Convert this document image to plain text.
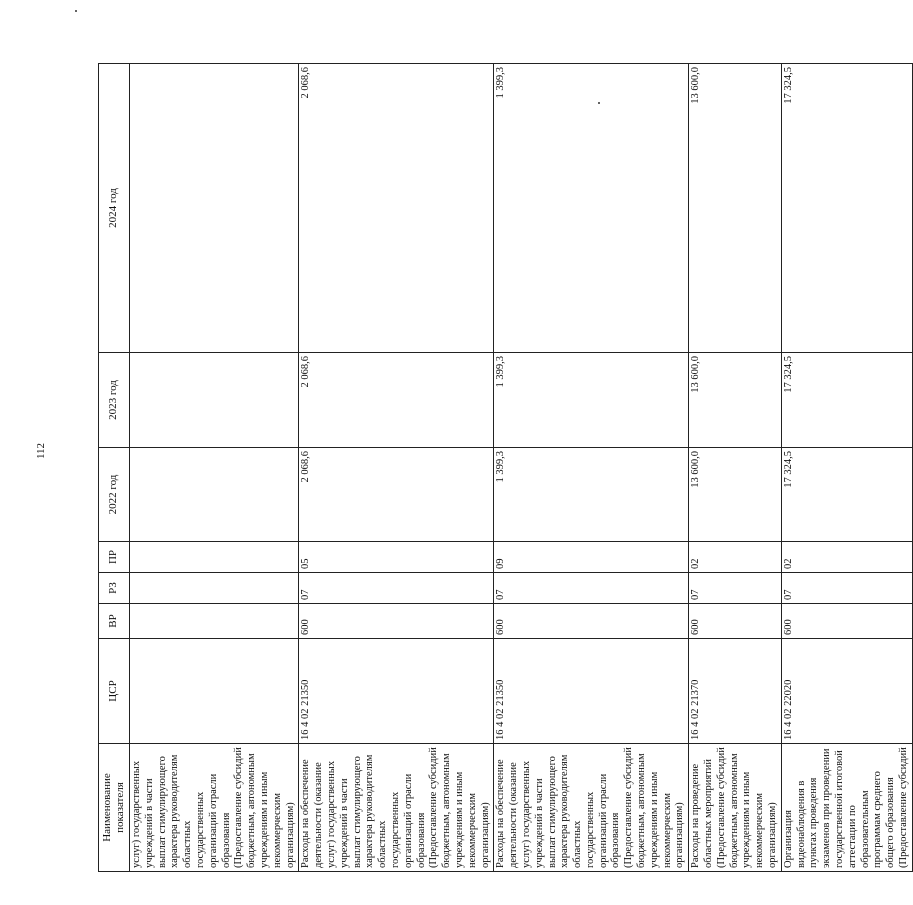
112
Наименование показателя	ЦСР	ВР	РЗ	ПР	2022 год	2023 год	2024 год
услуг) государственных учреждений в части выплат стимулирующего характера руководителям областных государственных организаций отрасли образования (Предоставление субсидий бюджетным, автономным учреждениям и иным некоммерческим организациям)							
Расходы на обеспечение деятельности (оказание услуг) государственных учреждений в части выплат стимулирующего характера руководителям областных государственных организаций отрасли образования (Предоставление субсидий бюджетным, автономным учреждениям и иным некоммерческим организациям)	16 4 02 21350	600	07	05	2 068,6	2 068,6	2 068,6
Расходы на обеспечение деятельности (оказание услуг) государственных учреждений в части выплат стимулирующего характера руководителям областных государственных организаций отрасли образования (Предоставление субсидий бюджетным, автономным учреждениям и иным некоммерческим организациям)	16 4 02 21350	600	07	09	1 399,3	1 399,3	1 399,3
Расходы на проведение областных мероприятий (Предоставление субсидий бюджетным, автономным учреждениям и иным некоммерческим организациям)	16 4 02 21370	600	07	02	13 600,0	13 600,0	13 600,0
Организация видеонаблюдения в пунктах проведения экзаменов при проведении государственной итоговой аттестации по образовательным программам среднего общего образования (Предоставление субсидий	16 4 02 22020	600	07	02	17 324,5	17 324,5	17 324,5
